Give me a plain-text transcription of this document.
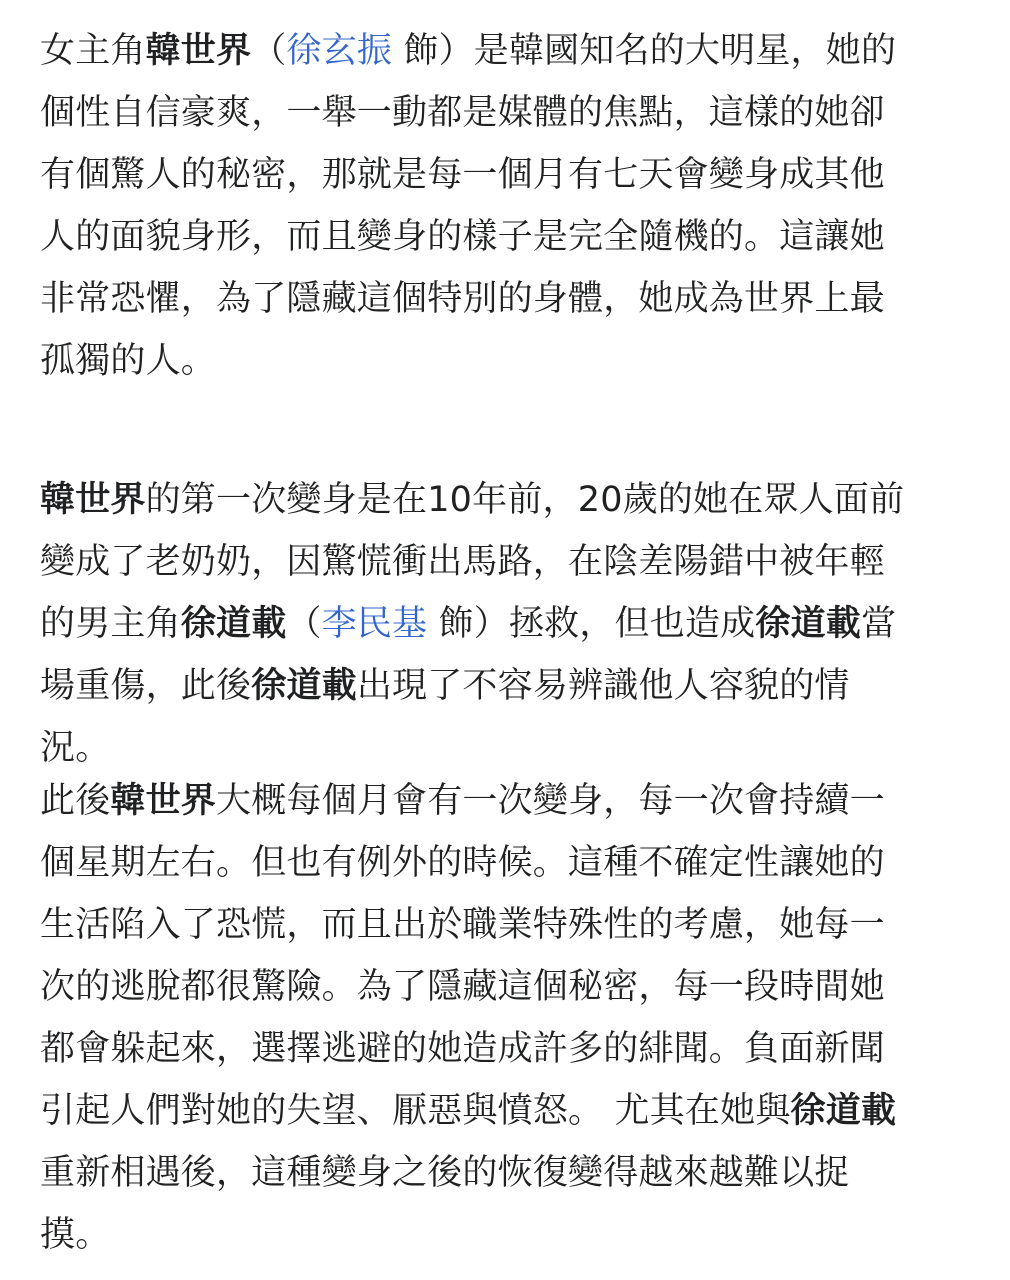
女主角韓世界（徐玄振 飾）是韓國知名的大明星，她的
個性自信豪爽，一舉一動都是媒體的焦點，這樣的她卻
有個驚人的秘密，那就是每一個月有七天會變身成其他
人的面貌身形，而且變身的樣子是完全隨機的。這讓她
非常恐懼，為了隱藏這個特別的身體，她成為世界上最
孤獨的人。
韓世界的第一次變身是在10年前，20歲的她在眾人面前
變成了老奶奶，因驚慌衝出馬路，在陰差陽錯中被年輕
的男主角徐道載（李民基 飾）拯救，但也造成徐道載當
場重傷，此後徐道載出現了不容易辨識他人容貌的情
況。
此後韓世界大概每個月會有一次變身，每一次會持續一
個星期左右。但也有例外的時候。這種不確定性讓她的
生活陷入了恐慌，而且出於職業特殊性的考慮，她每一
次的逃脫都很驚險。為了隱藏這個秘密，每一段時間她
都會躲起來，選擇逃避的她造成許多的緋聞。負面新聞
引起人們對她的失望、厭惡與憤怒。 尤其在她與徐道載
重新相遇後，這種變身之後的恢復變得越來越難以捉
摸。
